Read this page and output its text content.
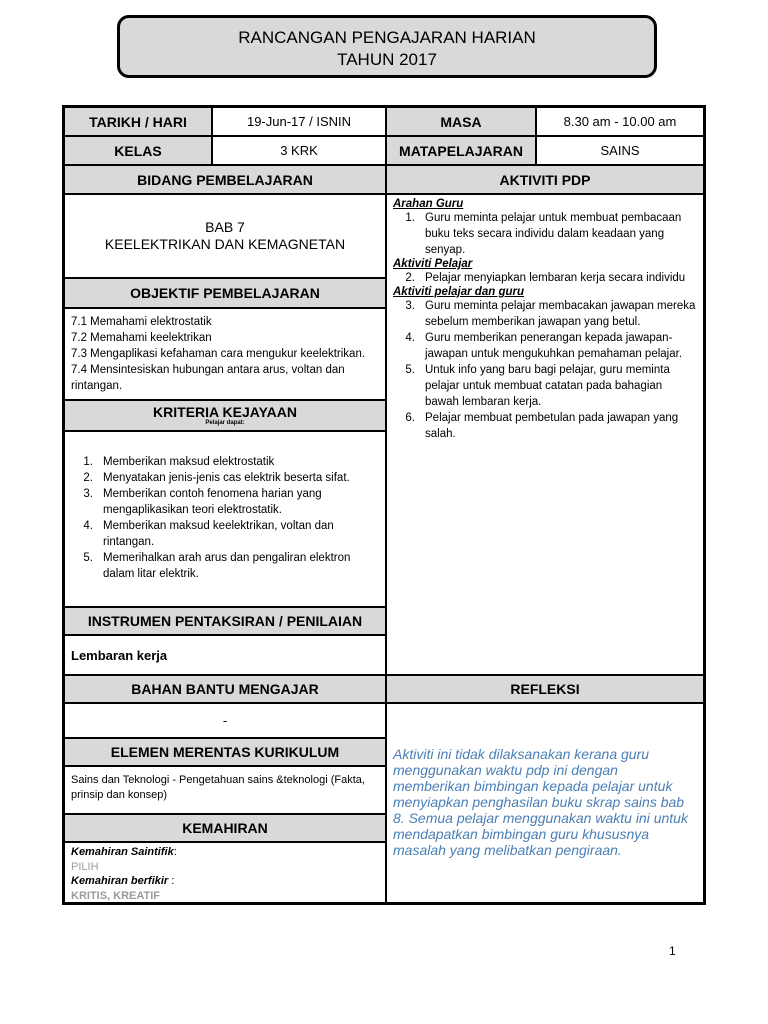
RANCANGAN PENGAJARAN HARIAN
TAHUN 2017
TARIKH / HARI	19-Jun-17 / ISNIN	MASA	8.30 am - 10.00 am
KELAS	3 KRK	MATAPELAJARAN	SAINS
BIDANG PEMBELAJARAN	AKTIVITI PDP
BAB 7
KEELEKTRIKAN DAN KEMAGNETAN
OBJEKTIF PEMBELAJARAN
7.1 Memahami elektrostatik
7.2 Memahami keelektrikan
7.3 Mengaplikasi kefahaman cara mengukur keelektrikan.
7.4 Mensintesiskan hubungan antara arus, voltan dan rintangan.
KRITERIA KEJAYAAN
Pelajar dapat:
1. Memberikan maksud elektrostatik
2. Menyatakan jenis-jenis cas elektrik beserta sifat.
3. Memberikan contoh fenomena harian yang mengaplikasikan teori elektrostatik.
4. Memberikan maksud keelektrikan, voltan dan rintangan.
5. Memerihalkan arah arus dan pengaliran elektron dalam litar elektrik.
INSTRUMEN PENTAKSIRAN / PENILAIAN
Lembaran kerja
Arahan Guru
1. Guru meminta pelajar untuk membuat pembacaan buku teks secara individu dalam keadaan yang senyap.
Aktiviti Pelajar
2. Pelajar menyiapkan lembaran kerja secara individu
Aktiviti pelajar dan guru
3. Guru meminta pelajar membacakan jawapan mereka sebelum memberikan jawapan yang betul.
4. Guru memberikan penerangan kepada jawapan-jawapan untuk mengukuhkan pemahaman pelajar.
5. Untuk info yang baru bagi pelajar, guru meminta pelajar untuk membuat catatan pada bahagian bawah lembaran kerja.
6. Pelajar membuat pembetulan pada jawapan yang salah.
BAHAN BANTU MENGAJAR	REFLEKSI
-
ELEMEN MERENTAS KURIKULUM
Sains dan Teknologi - Pengetahuan sains &teknologi (Fakta, prinsip dan konsep)
KEMAHIRAN
Kemahiran Saintifik:
PILIH
Kemahiran berfikir :
KRITIS, KREATIF
Aktiviti ini tidak dilaksanakan kerana guru menggunakan waktu pdp ini dengan memberikan bimbingan kepada pelajar untuk menyiapkan penghasilan buku skrap sains bab 8. Semua pelajar menggunakan waktu ini untuk mendapatkan bimbingan guru khususnya masalah yang melibatkan pengiraan.
1
